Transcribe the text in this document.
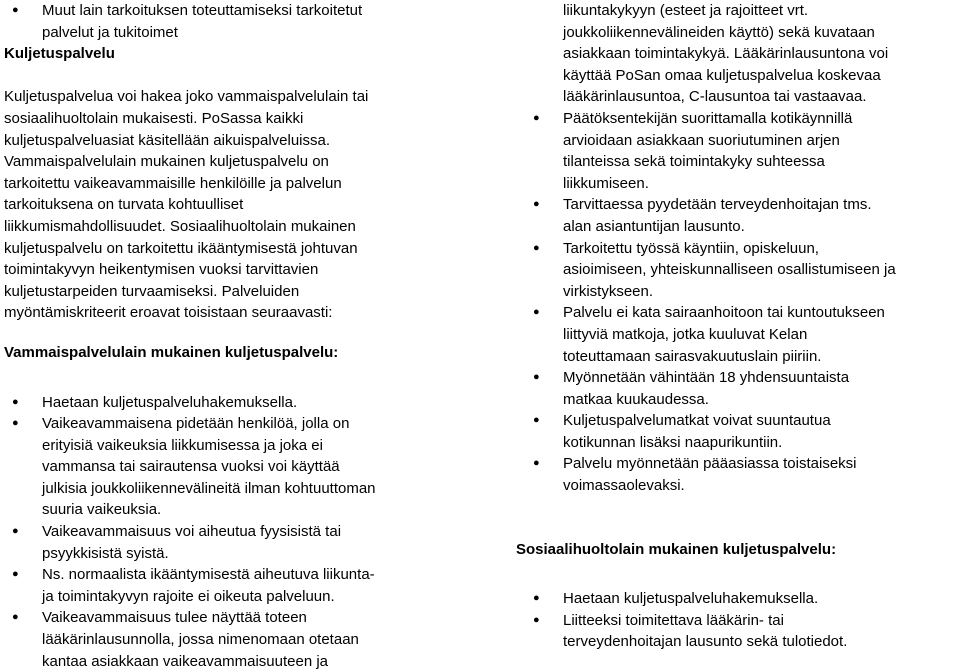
● Muut lain tarkoituksen toteuttamiseksi tarkoitetut
palvelut ja tukitoimet
Kuljetuspalvelu

Kuljetuspalvelua voi hakea joko vammaispalvelulain tai
sosiaalihuoltolain mukaisesti. PoSassa kaikki
kuljetuspalveluasiat käsitellään aikuispalveluissa.
Vammaispalvelulain mukainen kuljetuspalvelu on
tarkoitettu vaikeavammaisille henkilöille ja palvelun
tarkoituksena on turvata kohtuulliset
liikkumismahdollisuudet. Sosiaalihuoltolain mukainen
kuljetuspalvelu on tarkoitettu ikääntymisestä johtuvan
toimintakyvyn heikentymisen vuoksi tarvittavien
kuljetustarpeiden turvaamiseksi. Palveluiden
myöntämiskriteerit eroavat toisistaan seuraavasti:

Vammaispalvelulain mukainen kuljetuspalvelu:
● Haetaan kuljetuspalveluhakemuksella.
● Vaikeavammaisena pidetään henkilöä, jolla on
erityisiä vaikeuksia liikkumisessa ja joka ei
vammansa tai sairautensa vuoksi voi käyttää
julkisia joukkoliikennevälineitä ilman kohtuuttoman
suuria vaikeuksia.
● Vaikeavammaisuus voi aiheutua fyysisistä tai
psyykkisistä syistä.
● Ns. normaalista ikääntymisestä aiheutuva liikunta-
ja toimintakyvyn rajoite ei oikeuta palveluun.
● Vaikeavammaisuus tulee näyttää toteen
lääkärinlausunnolla, jossa nimenomaan otetaan
kantaa asiakkaan vaikeavammaisuuteen ja
liikuntakykyyn (esteet ja rajoitteet vrt.
joukkoliikennevälineiden käyttö) sekä kuvataan
asiakkaan toimintakykyä. Lääkärinlausuntona voi
käyttää PoSan omaa kuljetuspalvelua koskevaa
lääkärinlausuntoa, C-lausuntoa tai vastaavaa.
● Päätöksentekijän suorittamalla kotikäynnillä
arvioidaan asiakkaan suoriutuminen arjen
tilanteissa sekä toimintakyky suhteessa
liikkumiseen.
● Tarvittaessa pyydetään terveydenhoitajan tms.
alan asiantuntijan lausunto.
● Tarkoitettu työssä käyntiin, opiskeluun,
asioimiseen, yhteiskunnalliseen osallistumiseen ja
virkistykseen.
● Palvelu ei kata sairaanhoitoon tai kuntoutukseen
liittyviä matkoja, jotka kuuluvat Kelan
toteuttamaan sairasvakuutuslain piiriin.
● Myönnetään vähintään 18 yhdensuuntaista
matkaa kuukaudessa.
● Kuljetuspalvelumatkat voivat suuntautua
kotikunnan lisäksi naapurikuntiin.
● Palvelu myönnetään pääasiassa toistaiseksi
voimassaolevaksi.
Sosiaalihuoltolain mukainen kuljetuspalvelu:
● Haetaan kuljetuspalveluhakemuksella.
● Liitteeksi toimitettava lääkärin- tai
terveydenhoitajan lausunto sekä tulotiedot.
